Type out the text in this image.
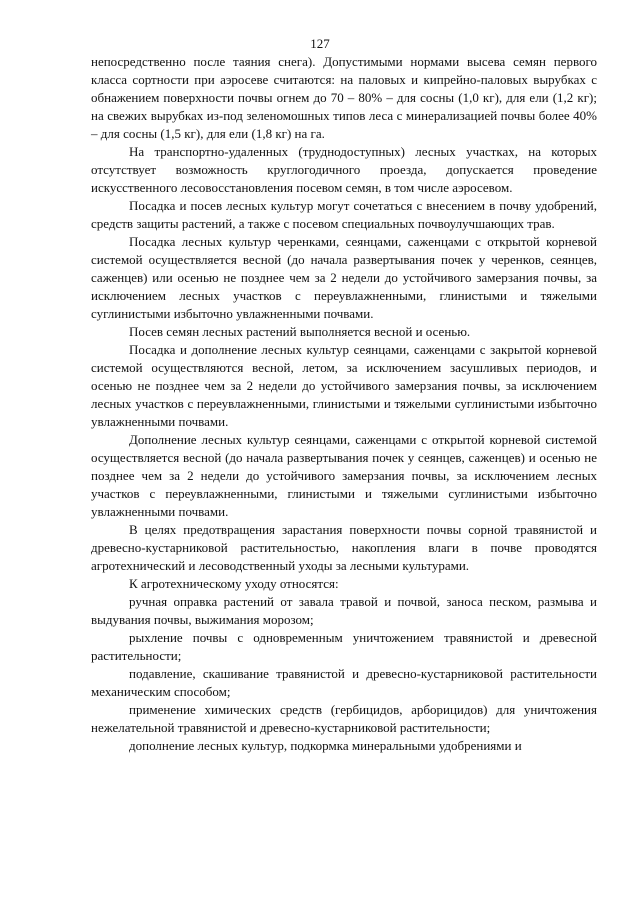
127

непосредственно после таяния снега). Допустимыми нормами высева семян первого класса сортности при аэросеве считаются: на паловых и кипрейно-паловых вырубках с обнажением поверхности почвы огнем до 70 – 80% – для сосны (1,0 кг), для ели (1,2 кг); на свежих вырубках из-под зеленомошных типов леса с минерализацией почвы более 40% – для сосны (1,5 кг), для ели (1,8 кг) на га.

На транспортно-удаленных (труднодоступных) лесных участках, на которых отсутствует возможность круглогодичного проезда, допускается проведение искусственного лесовосстановления посевом семян, в том числе аэросевом.

Посадка и посев лесных культур могут сочетаться с внесением в почву удобрений, средств защиты растений, а также с посевом специальных почвоулучшающих трав.

Посадка лесных культур черенками, сеянцами, саженцами с открытой корневой системой осуществляется весной (до начала развертывания почек у черенков, сеянцев, саженцев) или осенью не позднее чем за 2 недели до устойчивого замерзания почвы, за исключением лесных участков с переувлажненными, глинистыми и тяжелыми суглинистыми избыточно увлажненными почвами.

Посев семян лесных растений выполняется весной и осенью.

Посадка и дополнение лесных культур сеянцами, саженцами с закрытой корневой системой осуществляются весной, летом, за исключением засушливых периодов, и осенью не позднее чем за 2 недели до устойчивого замерзания почвы, за исключением лесных участков с переувлажненными, глинистыми и тяжелыми суглинистыми избыточно увлажненными почвами.

Дополнение лесных культур сеянцами, саженцами с открытой корневой системой осуществляется весной (до начала развертывания почек у сеянцев, саженцев) и осенью не позднее чем за 2 недели до устойчивого замерзания почвы, за исключением лесных участков с переувлажненными, глинистыми и тяжелыми суглинистыми избыточно увлажненными почвами.

В целях предотвращения зарастания поверхности почвы сорной травянистой и древесно-кустарниковой растительностью, накопления влаги в почве проводятся агротехнический и лесоводственный уходы за лесными культурами.

К агротехническому уходу относятся:

ручная оправка растений от завала травой и почвой, заноса песком, размыва и выдувания почвы, выжимания морозом;

рыхление почвы с одновременным уничтожением травянистой и древесной растительности;

подавление, скашивание травянистой и древесно-кустарниковой растительности механическим способом;

применение химических средств (гербицидов, арборицидов) для уничтожения нежелательной травянистой и древесно-кустарниковой растительности;

дополнение лесных культур, подкормка минеральными удобрениями и
